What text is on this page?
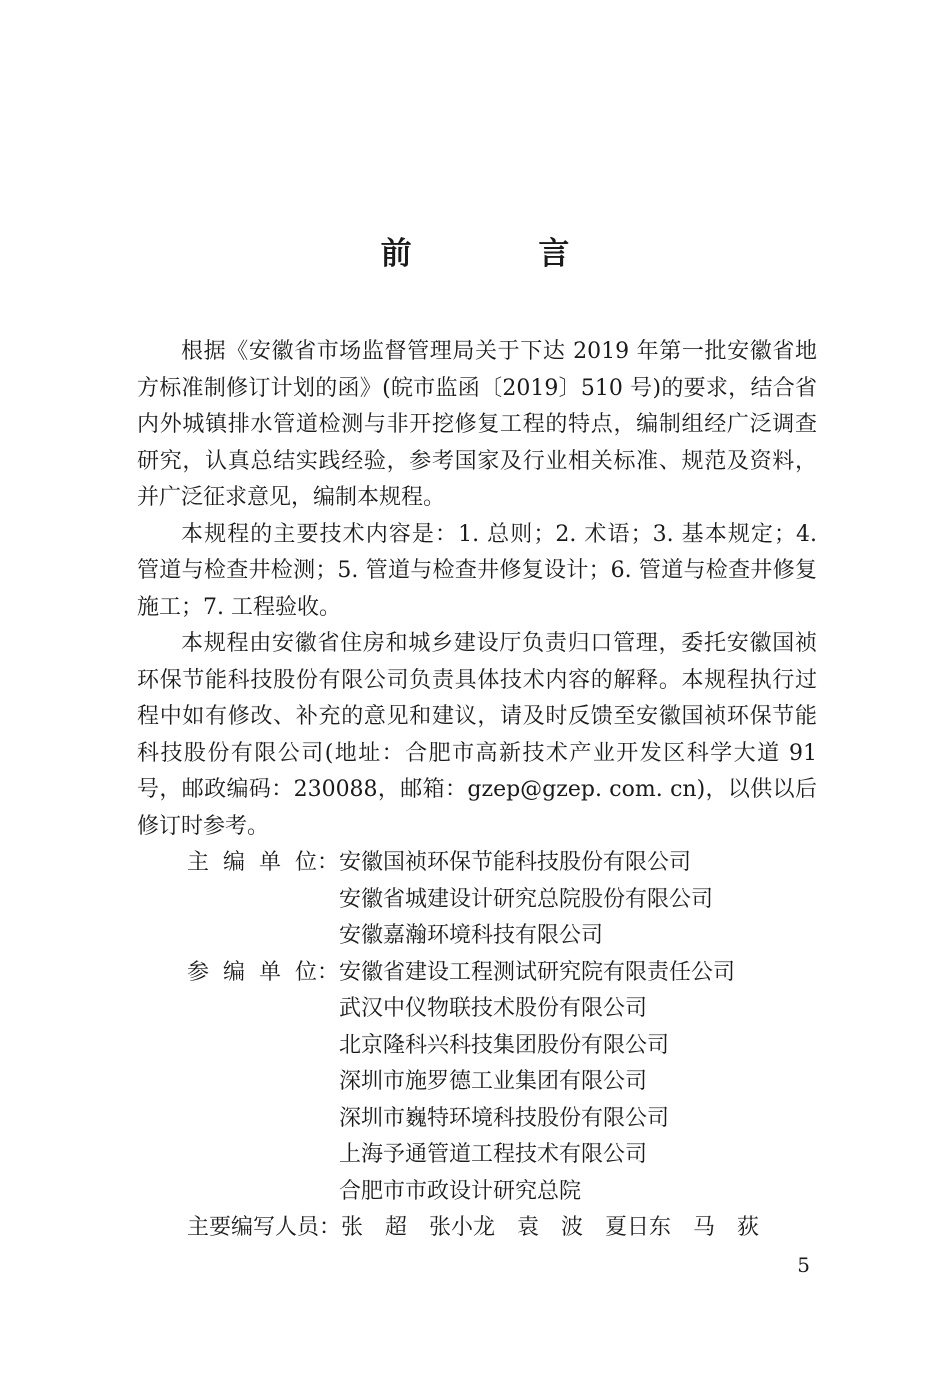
前 言

根据《安徽省市场监督管理局关于下达 2019 年第一批安徽省地方标准制修订计划的函》(皖市监函〔2019〕510 号)的要求，结合省内外城镇排水管道检测与非开挖修复工程的特点，编制组经广泛调查研究，认真总结实践经验，参考国家及行业相关标准、规范及资料，并广泛征求意见，编制本规程。

本规程的主要技术内容是：1. 总则；2. 术语；3. 基本规定；4. 管道与检查井检测；5. 管道与检查井修复设计；6. 管道与检查井修复施工；7. 工程验收。

本规程由安徽省住房和城乡建设厅负责归口管理，委托安徽国祯环保节能科技股份有限公司负责具体技术内容的解释。本规程执行过程中如有修改、补充的意见和建议，请及时反馈至安徽国祯环保节能科技股份有限公司(地址：合肥市高新技术产业开发区科学大道 91 号，邮政编码：230088，邮箱：gzep@gzep. com. cn)，以供以后修订时参考。

主  编  单  位： 安徽国祯环保节能科技股份有限公司
安徽省城建设计研究总院股份有限公司
安徽嘉瀚环境科技有限公司
参  编  单  位： 安徽省建设工程测试研究院有限责任公司
武汉中仪物联技术股份有限公司
北京隆科兴科技集团股份有限公司
深圳市施罗德工业集团有限公司
深圳市巍特环境科技股份有限公司
上海予通管道工程技术有限公司
合肥市市政设计研究总院
主要编写人员： 张　超　张小龙　袁　波　夏日东　马　荻
5
